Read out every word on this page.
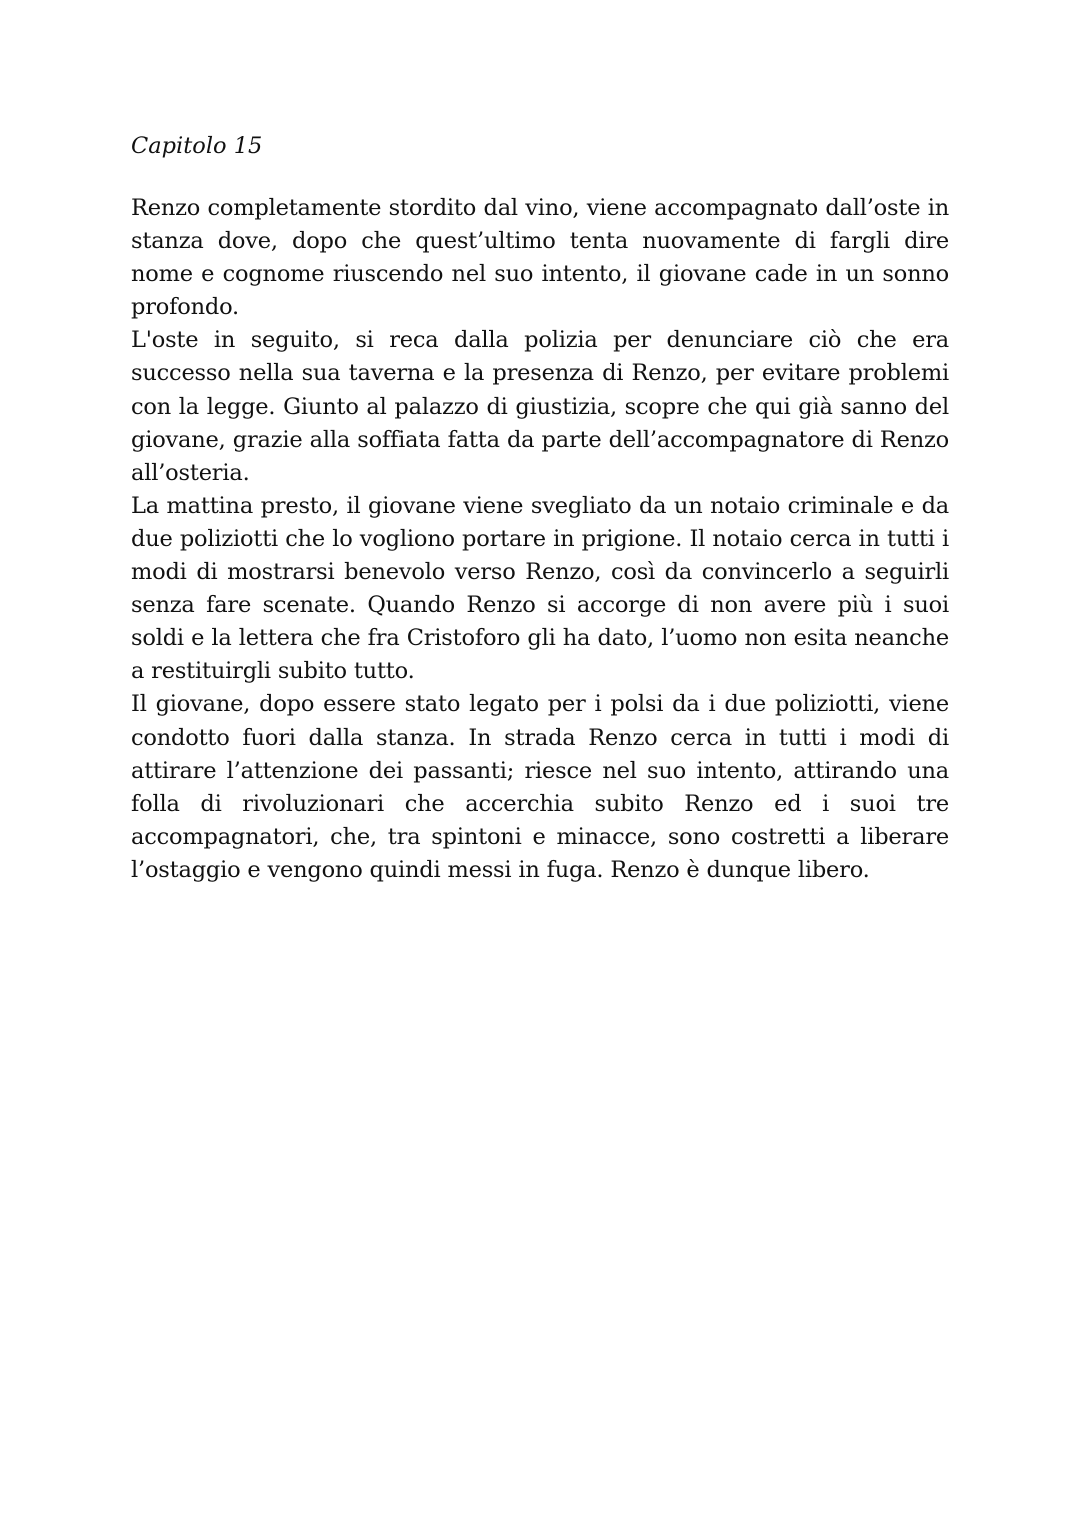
Capitolo 15

Renzo completamente stordito dal vino, viene accompagnato dall’oste in stanza dove, dopo che quest’ultimo tenta nuovamente di fargli dire nome e cognome riuscendo nel suo intento, il giovane cade in un sonno profondo.

L'oste in seguito, si reca dalla polizia per denunciare ciò che era successo nella sua taverna e la presenza di Renzo, per evitare problemi con la legge. Giunto al palazzo di giustizia, scopre che qui già sanno del giovane, grazie alla soffiata fatta da parte dell’accompagnatore di Renzo all’osteria.

La mattina presto, il giovane viene svegliato da un notaio criminale e da due poliziotti che lo vogliono portare in prigione. Il notaio cerca in tutti i modi di mostrarsi benevolo verso Renzo, così da convincerlo a seguirli senza fare scenate. Quando Renzo si accorge di non avere più i suoi soldi e la lettera che fra Cristoforo gli ha dato, l’uomo non esita neanche a restituirgli subito tutto.

Il giovane, dopo essere stato legato per i polsi da i due poliziotti, viene condotto fuori dalla stanza. In strada Renzo cerca in tutti i modi di attirare l’attenzione dei passanti; riesce nel suo intento, attirando una folla di rivoluzionari che accerchia subito Renzo ed i suoi tre accompagnatori, che, tra spintoni e minacce, sono costretti a liberare l’ostaggio e vengono quindi messi in fuga. Renzo è dunque libero.
